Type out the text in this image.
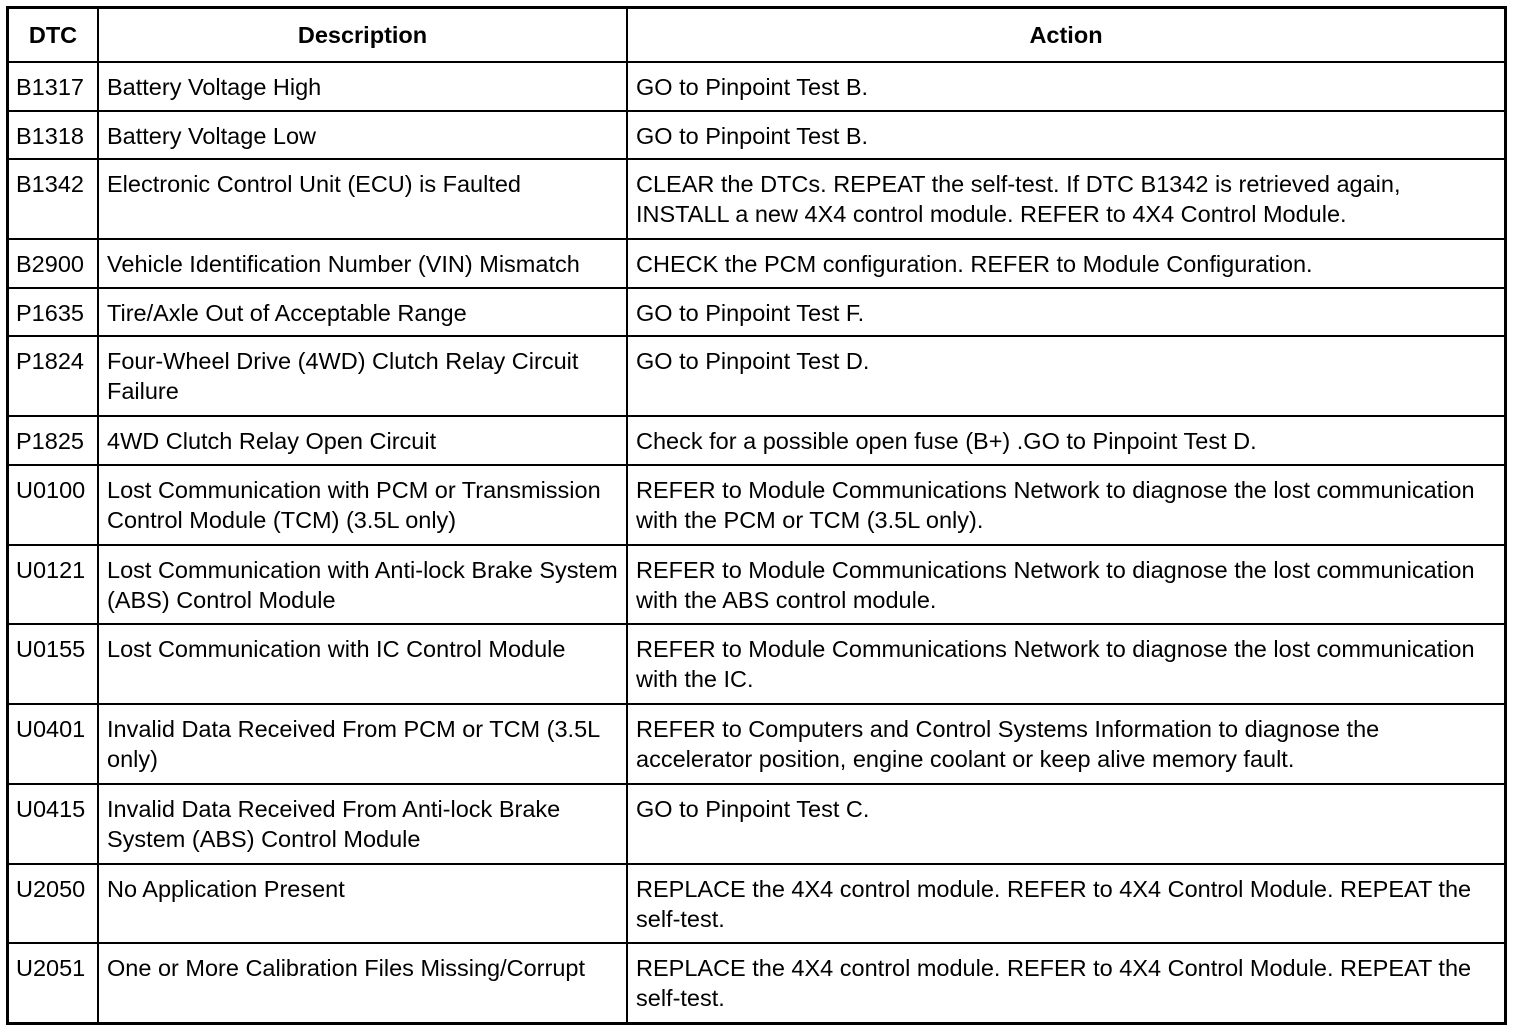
DTC	Description	Action
B1317	Battery Voltage High	GO to Pinpoint Test B.
B1318	Battery Voltage Low	GO to Pinpoint Test B.
B1342	Electronic Control Unit (ECU) is Faulted	CLEAR the DTCs. REPEAT the self-test. If DTC B1342 is retrieved again, INSTALL a new 4X4 control module. REFER to 4X4 Control Module.
B2900	Vehicle Identification Number (VIN) Mismatch	CHECK the PCM configuration. REFER to Module Configuration.
P1635	Tire/Axle Out of Acceptable Range	GO to Pinpoint Test F.
P1824	Four-Wheel Drive (4WD) Clutch Relay Circuit Failure	GO to Pinpoint Test D.
P1825	4WD Clutch Relay Open Circuit	Check for a possible open fuse (B+) .GO to Pinpoint Test D.
U0100	Lost Communication with PCM or Transmission Control Module (TCM) (3.5L only)	REFER to Module Communications Network to diagnose the lost communication with the PCM or TCM (3.5L only).
U0121	Lost Communication with Anti-lock Brake System (ABS) Control Module	REFER to Module Communications Network to diagnose the lost communication with the ABS control module.
U0155	Lost Communication with IC Control Module	REFER to Module Communications Network to diagnose the lost communication with the IC.
U0401	Invalid Data Received From PCM or TCM (3.5L only)	REFER to Computers and Control Systems Information to diagnose the accelerator position, engine coolant or keep alive memory fault.
U0415	Invalid Data Received From Anti-lock Brake System (ABS) Control Module	GO to Pinpoint Test C.
U2050	No Application Present	REPLACE the 4X4 control module. REFER to 4X4 Control Module. REPEAT the self-test.
U2051	One or More Calibration Files Missing/Corrupt	REPLACE the 4X4 control module. REFER to 4X4 Control Module. REPEAT the self-test.
